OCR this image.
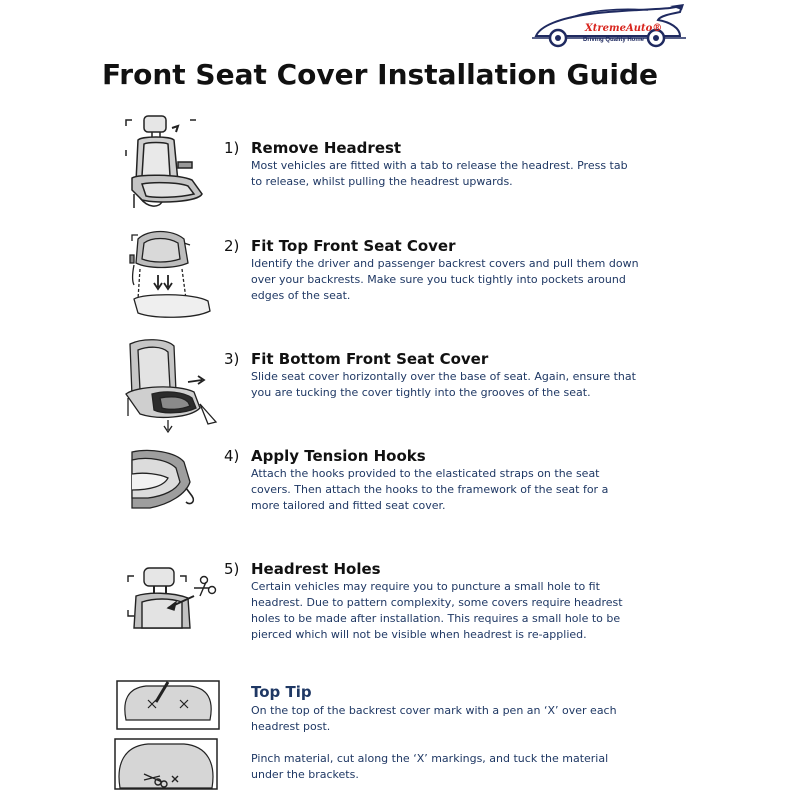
XtremeAuto®
Driving Quality Home
Front Seat Cover Installation Guide
1) Remove Headrest
Most vehicles are fitted with a tab to release the headrest. Press tab
to release, whilst pulling the headrest upwards.
2) Fit Top Front Seat Cover
Identify the driver and passenger backrest covers and pull them down
over your backrests. Make sure you tuck tightly into pockets around
edges of the seat.
3) Fit Bottom Front Seat Cover
Slide seat cover horizontally over the base of seat. Again, ensure that
you are tucking the cover tightly into the grooves of the seat.
4) Apply Tension Hooks
Attach the hooks provided to the elasticated straps on the seat
covers. Then attach the hooks to the framework of the seat for a
more tailored and fitted seat cover.
5) Headrest Holes
Certain vehicles may require you to puncture a small hole to fit
headrest. Due to pattern complexity, some covers require headrest
holes to be made after installation. This requires a small hole to be
pierced which will not be visible when headrest is re-applied.
Top Tip
On the top of the backrest cover mark with a pen an ‘X’ over each
headrest post.
Pinch material, cut along the ‘X’ markings, and tuck the material
under the brackets.
